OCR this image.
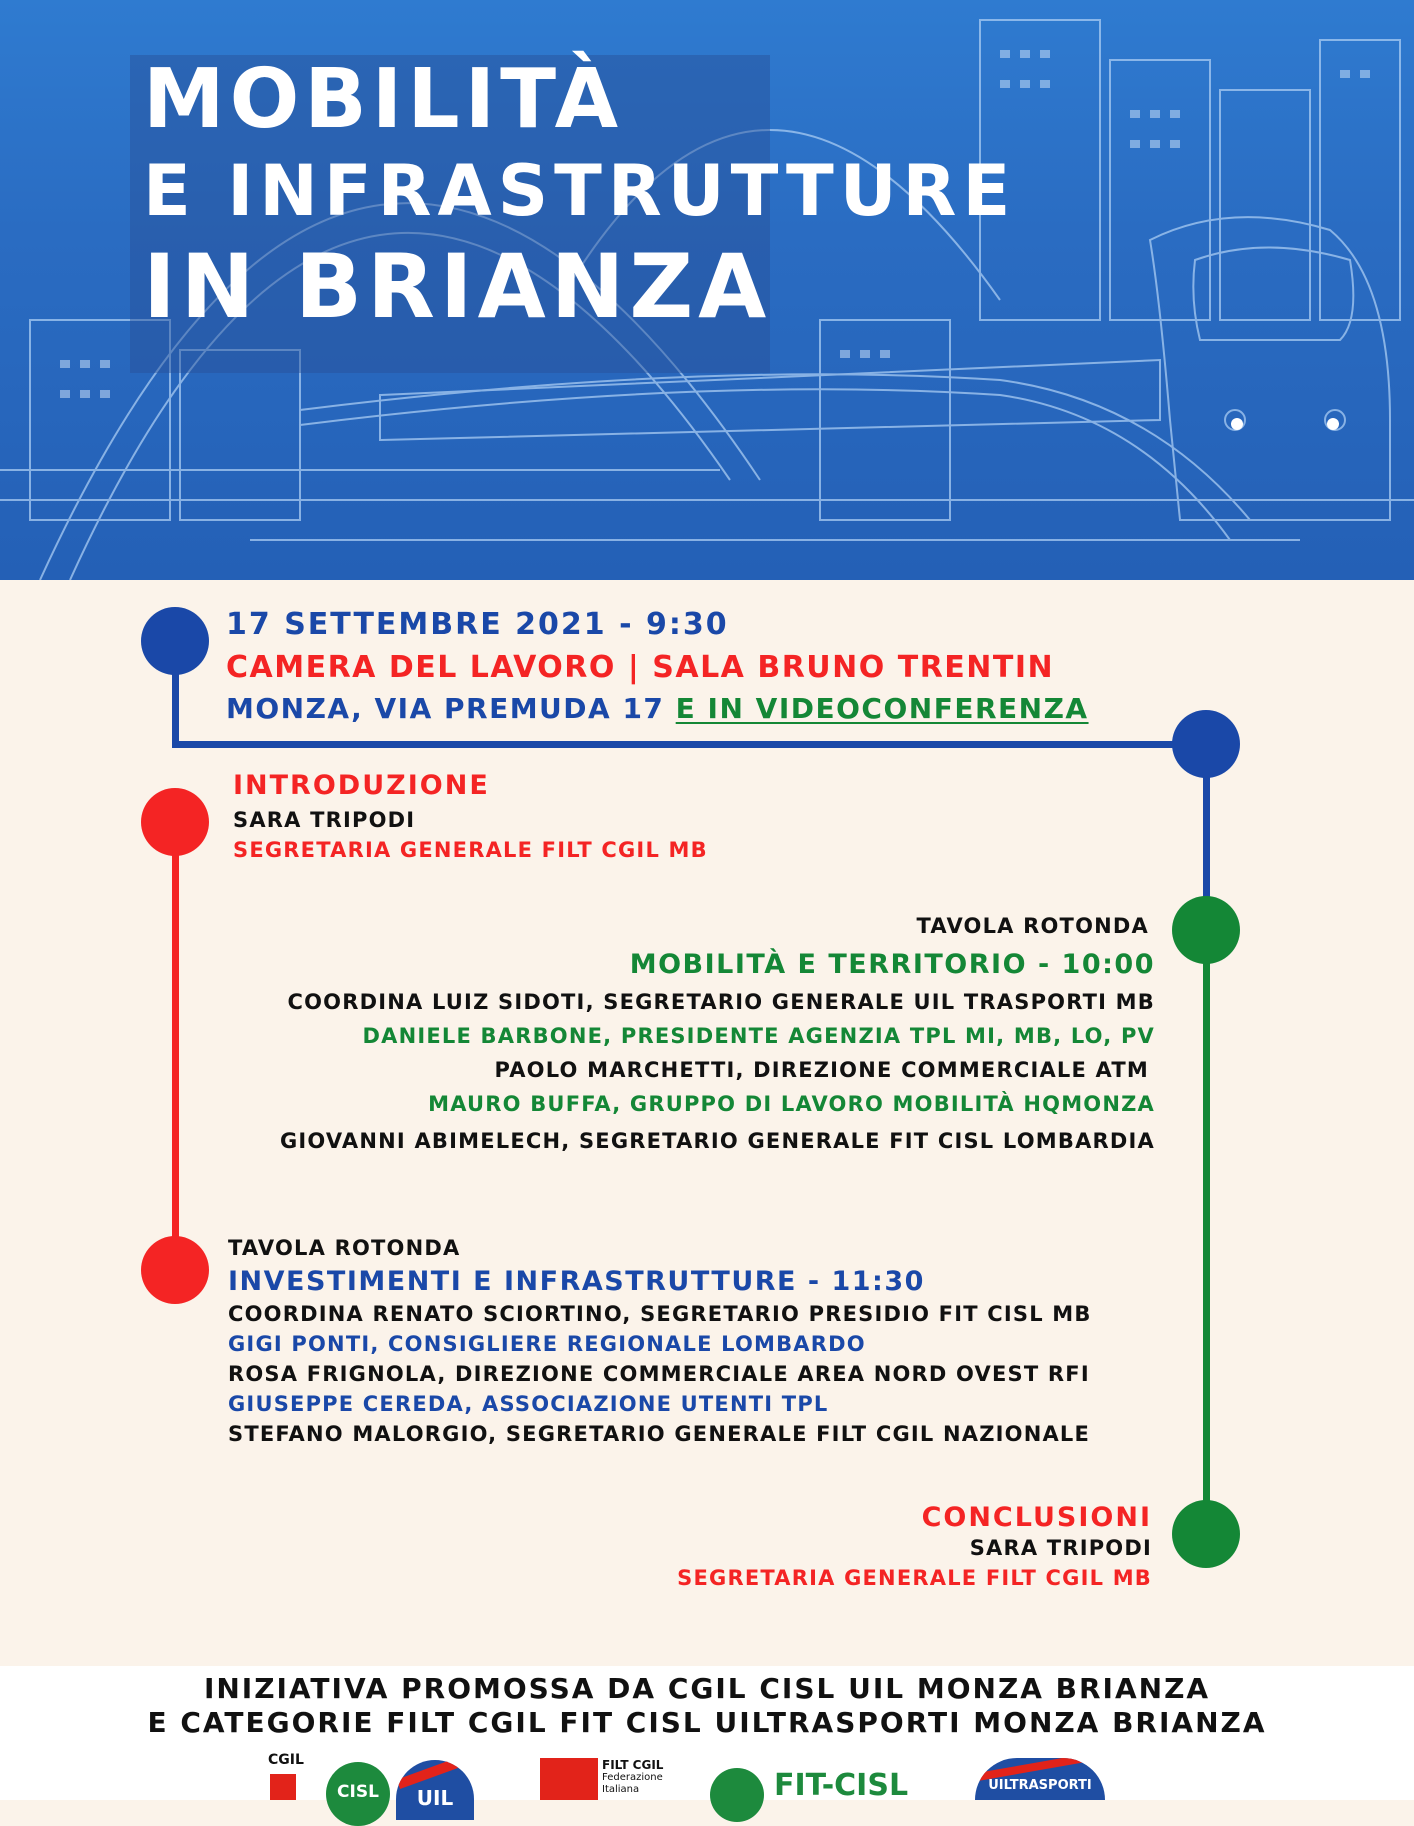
MOBILITÀ
E INFRASTRUTTURE
IN BRIANZA
17 SETTEMBRE 2021 - 9:30
CAMERA DEL LAVORO | SALA BRUNO TRENTIN
MONZA, VIA PREMUDA 17 E IN VIDEOCONFERENZA
INTRODUZIONE
SARA TRIPODI
SEGRETARIA GENERALE FILT CGIL MB
TAVOLA ROTONDA
MOBILITÀ E TERRITORIO - 10:00
COORDINA LUIZ SIDOTI, SEGRETARIO GENERALE UIL TRASPORTI MB
DANIELE BARBONE, PRESIDENTE AGENZIA TPL MI, MB, LO, PV
PAOLO MARCHETTI, DIREZIONE COMMERCIALE ATM
MAURO BUFFA, GRUPPO DI LAVORO MOBILITÀ HQMONZA
GIOVANNI ABIMELECH, SEGRETARIO GENERALE FIT CISL LOMBARDIA
TAVOLA ROTONDA
INVESTIMENTI E INFRASTRUTTURE - 11:30
COORDINA RENATO SCIORTINO, SEGRETARIO PRESIDIO FIT CISL MB
GIGI PONTI, CONSIGLIERE REGIONALE LOMBARDO
ROSA FRIGNOLA, DIREZIONE COMMERCIALE AREA NORD OVEST RFI
GIUSEPPE CEREDA, ASSOCIAZIONE UTENTI TPL
STEFANO MALORGIO, SEGRETARIO GENERALE FILT CGIL NAZIONALE
CONCLUSIONI
SARA TRIPODI
SEGRETARIA GENERALE FILT CGIL MB
INIZIATIVA PROMOSSA DA CGIL CISL UIL MONZA BRIANZA
E CATEGORIE FILT CGIL FIT CISL UILTRASPORTI MONZA BRIANZA
CGIL
CISL	UIL
FILT CGIL
Federazione
Italiana	FIT-CISL	UILTRASPORTI
